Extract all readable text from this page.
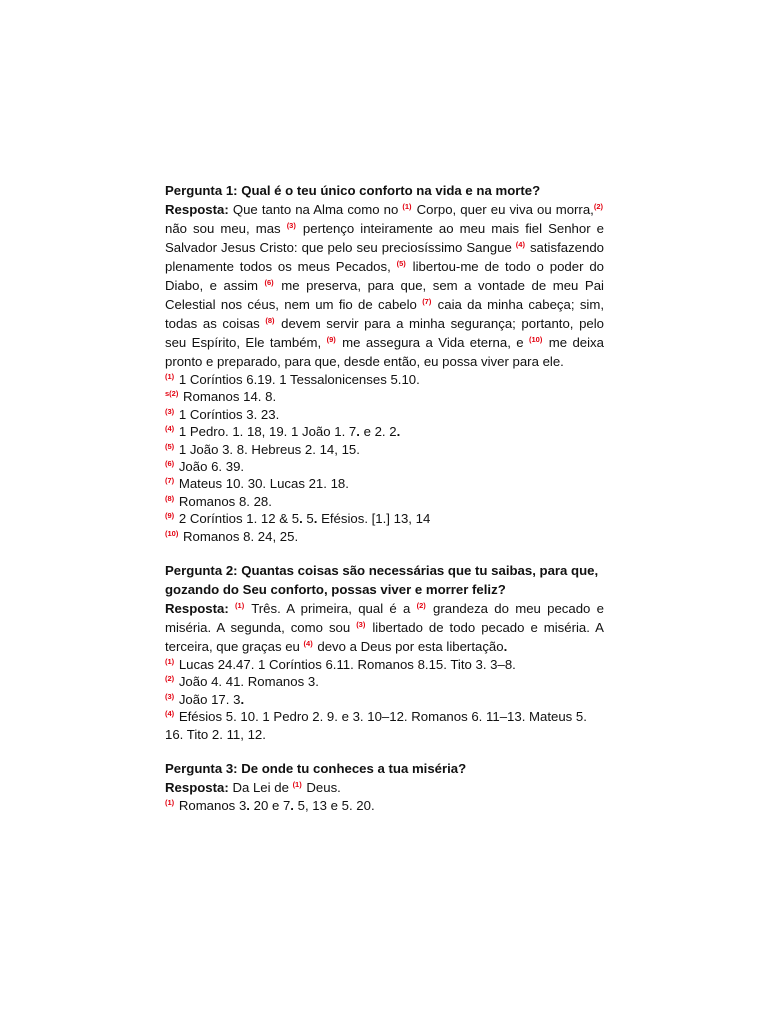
Pergunta 1: Qual é o teu único conforto na vida e na morte?

Resposta: Que tanto na Alma como no $^{(1)}$ Corpo, quer eu viva ou morra,$^{(2)}$ não sou meu, mas $^{(3)}$ pertenço inteiramente ao meu mais fiel Senhor e Salvador Jesus Cristo: que pelo seu preciosíssimo Sangue $^{(4)}$ satisfazendo plenamente todos os meus Pecados, $^{(5)}$ libertou-me de todo o poder do Diabo, e assim $^{(6)}$ me preserva, para que, sem a vontade de meu Pai Celestial nos céus, nem um fio de cabelo $^{(7)}$ caia da minha cabeça; sim, todas as coisas $^{(8)}$ devem servir para a minha segurança; portanto, pelo seu Espírito, Ele também, $^{(9)}$ me assegura a Vida eterna, e $^{(10)}$ me deixa pronto e preparado, para que, desde então, eu possa viver para ele.

$^{(1)}$ 1 Coríntios 6.19. 1 Tessalonicenses 5.10.

$^{s(2)}$ Romanos 14. 8.

$^{(3)}$ 1 Coríntios 3. 23.

$^{(4)}$ 1 Pedro. 1. 18, 19. 1 João 1. 7. e 2. 2.

$^{(5)}$ 1 João 3. 8. Hebreus 2. 14, 15.

$^{(6)}$ João 6. 39.

$^{(7)}$ Mateus 10. 30. Lucas 21. 18.

$^{(8)}$ Romanos 8. 28.

$^{(9)}$ 2 Coríntios 1. 12 & 5. 5. Efésios. [1.] 13, 14

$^{(10)}$ Romanos 8. 24, 25.

Pergunta 2: Quantas coisas são necessárias que tu saibas, para que, gozando do Seu conforto, possas viver e morrer feliz?

Resposta: $^{(1)}$ Três. A primeira, qual é a $^{(2)}$ grandeza do meu pecado e miséria. A segunda, como sou $^{(3)}$ libertado de todo pecado e miséria. A terceira, que graças eu $^{(4)}$ devo a Deus por esta libertação.

$^{(1)}$ Lucas 24.47. 1 Coríntios 6.11. Romanos 8.15. Tito 3. 3–8.

$^{(2)}$ João 4. 41. Romanos 3.

$^{(3)}$ João 17. 3.

$^{(4)}$ Efésios 5. 10. 1 Pedro 2. 9. e 3. 10–12. Romanos 6. 11–13. Mateus 5. 16. Tito 2. 11, 12.

Pergunta 3: De onde tu conheces a tua miséria?

Resposta: Da Lei de $^{(1)}$ Deus.

$^{(1)}$ Romanos 3. 20 e 7. 5, 13 e 5. 20.
